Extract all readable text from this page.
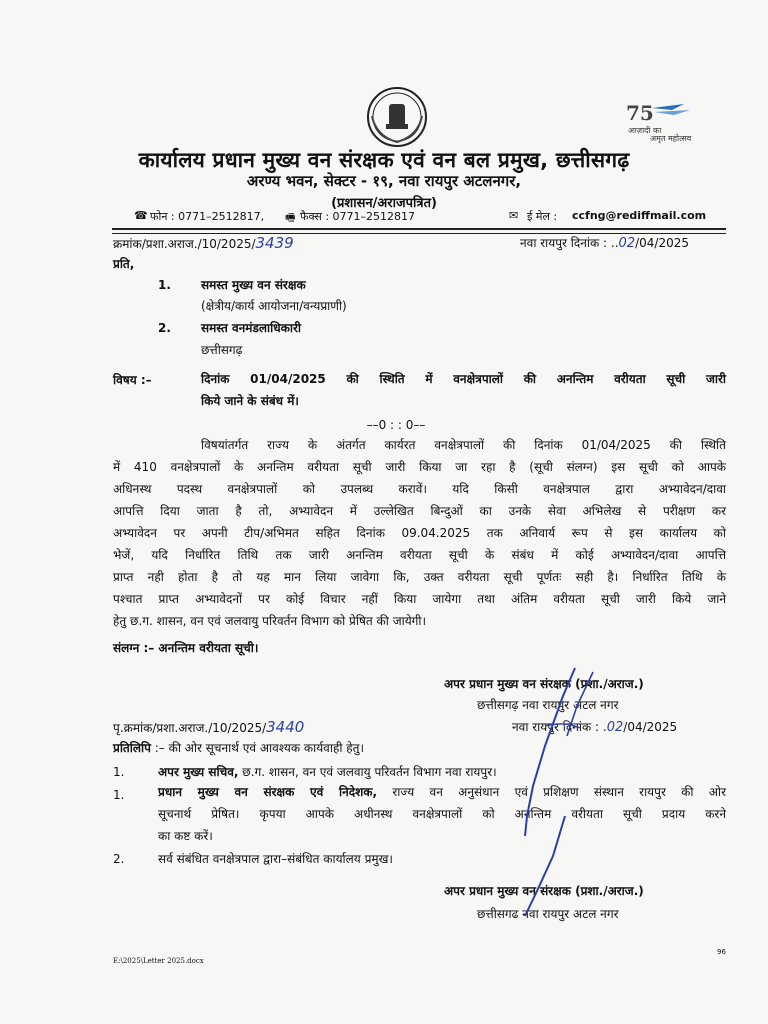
75
आज़ादी का
अमृत महोत्सव
कार्यालय प्रधान मुख्य वन संरक्षक एवं वन बल प्रमुख, छत्तीसगढ़
अरण्य भवन, सेक्टर - १९, नवा रायपुर अटलनगर,
(प्रशासन/अराजपत्रित)
☎ फोन : 0771–2512817, 🖷 फैक्स : 0771–2512817	✉ ई मेल : ccfng@rediffmail.com
क्रमांक/प्रशा.अराज./10/2025/3439	नवा रायपुर दिनांक : ..02/04/2025
प्रति,
1.	समस्त मुख्य वन संरक्षक
(क्षेत्रीय/कार्य आयोजना/वन्यप्राणी)
2.	समस्त वनमंडलाधिकारी
छत्तीसगढ़
विषय :–	दिनांक 01/04/2025 की स्थिति में वनक्षेत्रपालों की अनन्तिम वरीयता सूची जारी
किये जाने के संबंध में।
––0 : : 0––
विषयांतर्गत राज्य के अंतर्गत कार्यरत वनक्षेत्रपालों की दिनांक 01/04/2025 की स्थिति
में 410 वनक्षेत्रपालों के अनन्तिम वरीयता सूची जारी किया जा रहा है (सूची संलग्न) इस सूची को आपके
अधिनस्थ पदस्थ वनक्षेत्रपालों को उपलब्ध करावें। यदि किसी वनक्षेत्रपाल द्वारा अभ्यावेदन/दावा
आपत्ति दिया जाता है तो, अभ्यावेदन में उल्लेखित बिन्दुओं का उनके सेवा अभिलेख से परीक्षण कर
अभ्यावेदन पर अपनी टीप/अभिमत सहित दिनांक 09.04.2025 तक अनिवार्य रूप से इस कार्यालय को
भेजें, यदि निर्धारित तिथि तक जारी अनन्तिम वरीयता सूची के संबंध में कोई अभ्यावेदन/दावा आपत्ति
प्राप्त नही होता है तो यह मान लिया जावेगा कि, उक्त वरीयता सूची पूर्णतः सही है। निर्धारित तिथि के
पश्चात प्राप्त अभ्यावेदनों पर कोई विचार नहीं किया जायेगा तथा अंतिम वरीयता सूची जारी किये जाने
हेतु छ.ग. शासन, वन एवं जलवायु परिवर्तन विभाग को प्रेषित की जायेगी।
संलग्न :– अनन्तिम वरीयता सूची।
अपर प्रधान मुख्य वन संरक्षक (प्रशा./अराज.)
छत्तीसगढ़ नवा रायपुर अटल नगर
पृ.क्रमांक/प्रशा.अराज./10/2025/3440	नवा रायपुर दिनांक : .02/04/2025
प्रतिलिपि :– की ओर सूचनार्थ एवं आवश्यक कार्यवाही हेतु।
1.	अपर मुख्य सचिव, छ.ग. शासन, वन एवं जलवायु परिवर्तन विभाग नवा रायपुर।
1.	प्रधान मुख्य वन संरक्षक एवं निदेशक, राज्य वन अनुसंधान एवं प्रशिक्षण संस्थान रायपुर की ओर
सूचनार्थ प्रेषित। कृपया आपके अधीनस्थ वनक्षेत्रपालों को अनन्तिम वरीयता सूची प्रदाय करने
का कष्ट करें।
2.	सर्व संबंधित वनक्षेत्रपाल द्वारा–संबंधित कार्यालय प्रमुख।
अपर प्रधान मुख्य वन संरक्षक (प्रशा./अराज.)
छत्तीसगढ नवा रायपुर अटल नगर
E:\2025\Letter 2025.docx
96
